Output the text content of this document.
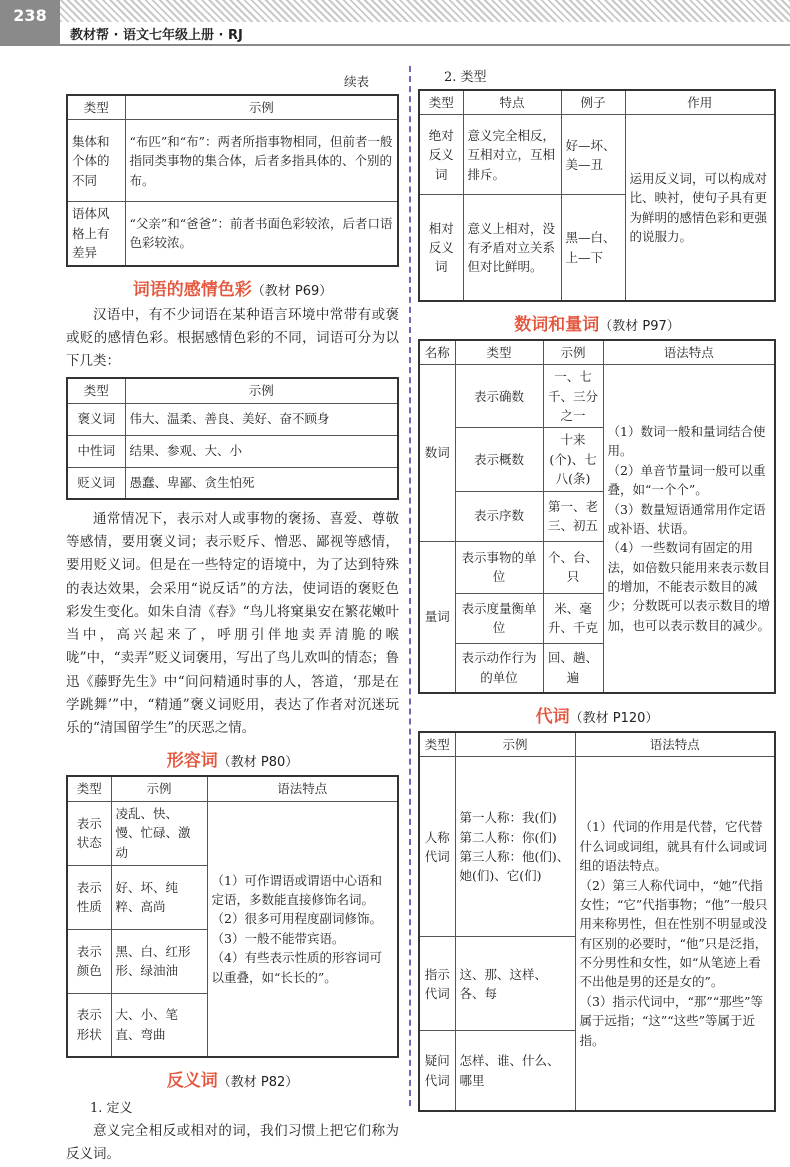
238
教材帮 · 语文七年级上册 · RJ
续表
类型	示例
集体和个体的不同	“布匹”和“布”：两者所指事物相同，但前者一般指同类事物的集合体，后者多指具体的、个别的布。
语体风格上有差异	“父亲”和“爸爸”：前者书面色彩较浓，后者口语色彩较浓。
词语的感情色彩（教材 P69）

汉语中，有不少词语在某种语言环境中常带有或褒或贬的感情色彩。根据感情色彩的不同，词语可分为以下几类：

类型	示例
褒义词	伟大、温柔、善良、美好、奋不顾身
中性词	结果、参观、大、小
贬义词	愚蠢、卑鄙、贪生怕死

通常情况下，表示对人或事物的褒扬、喜爱、尊敬等感情，要用褒义词；表示贬斥、憎恶、鄙视等感情，要用贬义词。但是在一些特定的语境中，为了达到特殊的表达效果，会采用“说反话”的方法，使词语的褒贬色彩发生变化。如朱自清《春》“鸟儿将窠巢安在繁花嫩叶当中，高兴起来了，呼朋引伴地卖弄清脆的喉咙”中，“卖弄”贬义词褒用，写出了鸟儿欢叫的情态；鲁迅《藤野先生》中“问问精通时事的人，答道，‘那是在学跳舞’”中，“精通”褒义词贬用，表达了作者对沉迷玩乐的“清国留学生”的厌恶之情。

形容词（教材 P80）
类型	示例	语法特点
表示状态	凌乱、快、慢、忙碌、激动	（1）可作谓语或谓语中心语和定语，多数能直接修饰名词。
（2）很多可用程度副词修饰。
（3）一般不能带宾语。
（4）有些表示性质的形容词可以重叠，如“长长的”。
表示性质	好、坏、纯粹、高尚	
表示颜色	黑、白、红形形、绿油油	
表示形状	大、小、笔直、弯曲	
反义词（教材 P82）

1. 定义

意义完全相反或相对的词，我们习惯上把它们称为反义词。

2. 类型

类型	特点	例子	作用
绝对反义词	意义完全相反，互相对立，互相排斥。	好—坏、美—丑	运用反义词，可以构成对比、映衬，使句子具有更为鲜明的感情色彩和更强的说服力。
相对反义词	意义上相对，没有矛盾对立关系但对比鲜明。	黑—白、上—下	
数词和量词（教材 P97）
名称	类型	示例	语法特点
数词	表示确数	一、七千、三分之一	（1）数词一般和量词结合使用。
（2）单音节量词一般可以重叠，如“一个个”。
（3）数量短语通常用作定语或补语、状语。
（4）一些数词有固定的用法，如倍数只能用来表示数目的增加，不能表示数目的减少；分数既可以表示数目的增加，也可以表示数目的减少。
	表示概数	十来(个)、七八(条)	
	表示序数	第一、老三、初五	
量词	表示事物的单位	个、台、只	
	表示度量衡单位	米、毫升、千克	
	表示动作行为的单位	回、趟、遍	
代词（教材 P120）
类型	示例	语法特点
人称代词	第一人称：我(们)
第二人称：你(们)
第三人称：他(们)、她(们)、它(们)	（1）代词的作用是代替，它代替什么词或词组，就具有什么词或词组的语法特点。
（2）第三人称代词中，“她”代指女性；“它”代指事物；“他”一般只用来称男性，但在性别不明显或没有区别的必要时，“他”只是泛指，不分男性和女性，如“从笔迹上看不出他是男的还是女的”。
（3）指示代词中，“那”“那些”等属于远指；“这”“这些”等属于近指。
指示代词	这、那、这样、各、每	
疑问代词	怎样、谁、什么、哪里	
